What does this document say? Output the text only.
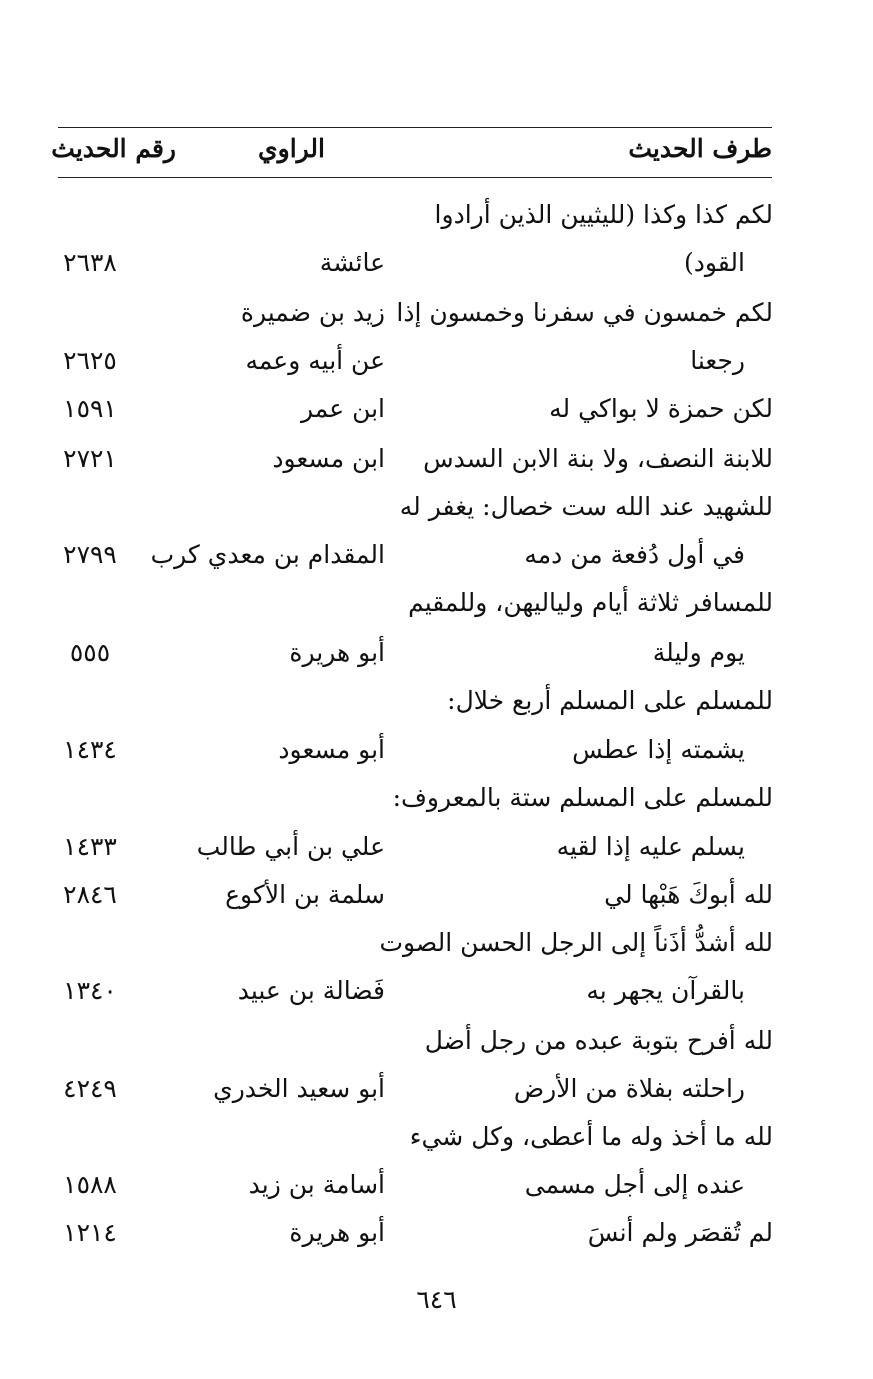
طرف الحديث
الراوي
رقم الحديث
لكم كذا وكذا (لليثيين الذين أرادوا
القود)
عائشة
٢٦٣٨
لكم خمسون في سفرنا وخمسون إذا
زيد بن ضميرة
رجعنا
عن أبيه وعمه
٢٦٢٥
لكن حمزة لا بواكي له
ابن عمر
١٥٩١
للابنة النصف، ولا بنة الابن السدس
ابن مسعود
٢٧٢١
للشهيد عند الله ست خصال: يغفر له
في أول دُفعة من دمه
المقدام بن معدي كرب
٢٧٩٩
للمسافر ثلاثة أيام ولياليهن، وللمقيم
يوم وليلة
أبو هريرة
٥٥٥
للمسلم على المسلم أربع خلال:
يشمته إذا عطس
أبو مسعود
١٤٣٤
للمسلم على المسلم ستة بالمعروف:
يسلم عليه إذا لقيه
علي بن أبي طالب
١٤٣٣
لله أبوكَ هَبْها لي
سلمة بن الأكوع
٢٨٤٦
لله أشدُّ أذَناً إلى الرجل الحسن الصوت
بالقرآن يجهر به
فَضالة بن عبيد
١٣٤٠
لله أفرح بتوبة عبده من رجل أضل
راحلته بفلاة من الأرض
أبو سعيد الخدري
٤٢٤٩
لله ما أخذ وله ما أعطى، وكل شيء
عنده إلى أجل مسمى
أسامة بن زيد
١٥٨٨
لم تُقصَر ولم أنسَ
أبو هريرة
١٢١٤
٦٤٦
